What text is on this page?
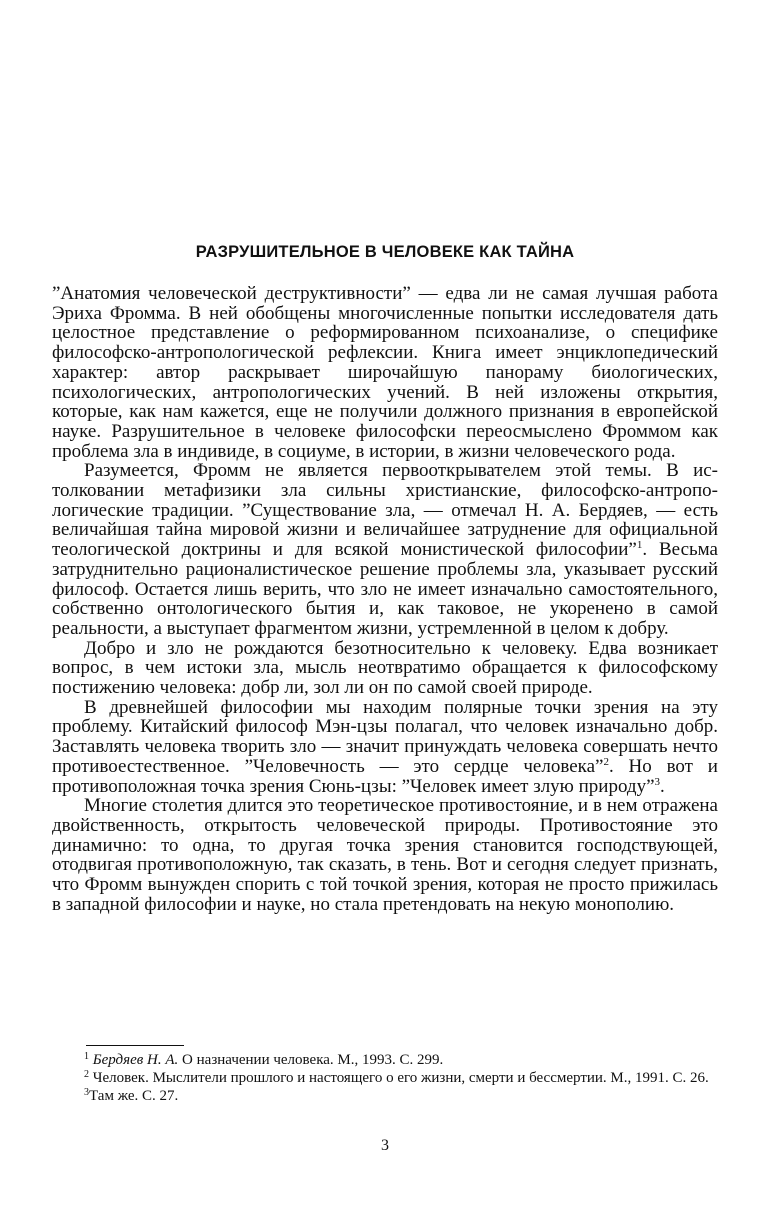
РАЗРУШИТЕЛЬНОЕ В ЧЕЛОВЕКЕ КАК ТАЙНА

”Анатомия человеческой деструктивности” — едва ли не самая лучшая работа Эриха Фромма. В ней обобщены многочисленные попытки исследователя дать целостное представление о реформированном психоанализе, о специфике философско-антропологической рефлексии. Книга имеет энциклопедический характер: автор раскрывает широчайшую панораму биологических, психологических, антропологических учений. В ней изложены открытия, которые, как нам кажется, еще не получили должного признания в европейской науке. Разрушительное в человеке философски переосмыслено Фроммом как проблема зла в индивиде, в социуме, в истории, в жизни человеческого рода.

Разумеется, Фромм не является первооткрывателем этой темы. В истолковании метафизики зла сильны христианские, философско-антропологические традиции. ”Существование зла, — отмечал Н. А. Бердяев, — есть величайшая тайна мировой жизни и величайшее затруднение для официальной теологической доктрины и для всякой монистической философии”$^1$. Весьма затруднительно рационалистическое решение проблемы зла, указывает русский философ. Остается лишь верить, что зло не имеет изначально самостоятельного, собственно онтологического бытия и, как таковое, не укоренено в самой реальности, а выступает фрагментом жизни, устремленной в целом к добру.

Добро и зло не рождаются безотносительно к человеку. Едва возникает вопрос, в чем истоки зла, мысль неотвратимо обращается к философскому постижению человека: добр ли, зол ли он по самой своей природе.

В древнейшей философии мы находим полярные точки зрения на эту проблему. Китайский философ Мэн-цзы полагал, что человек изначально добр. Заставлять человека творить зло — значит принуждать человека совершать нечто противоестественное. ”Человечность — это сердце человека”$^2$. Но вот и противоположная точка зрения Сюнь-цзы: ”Человек имеет злую природу”$^3$.

Многие столетия длится это теоретическое противостояние, и в нем отражена двойственность, открытость человеческой природы. Противостояние это динамично: то одна, то другая точка зрения становится господствующей, отодвигая противоположную, так сказать, в тень. Вот и сегодня следует признать, что Фромм вынужден спорить с той точкой зрения, которая не просто прижилась в западной философии и науке, но стала претендовать на некую монополию.

$^1$ Бердяев Н. А. О назначении человека. М., 1993. С. 299.

$^2$ Человек. Мыслители прошлого и настоящего о его жизни, смерти и бессмертии. М., 1991. С. 26.

$^3$Там же. С. 27.

3
